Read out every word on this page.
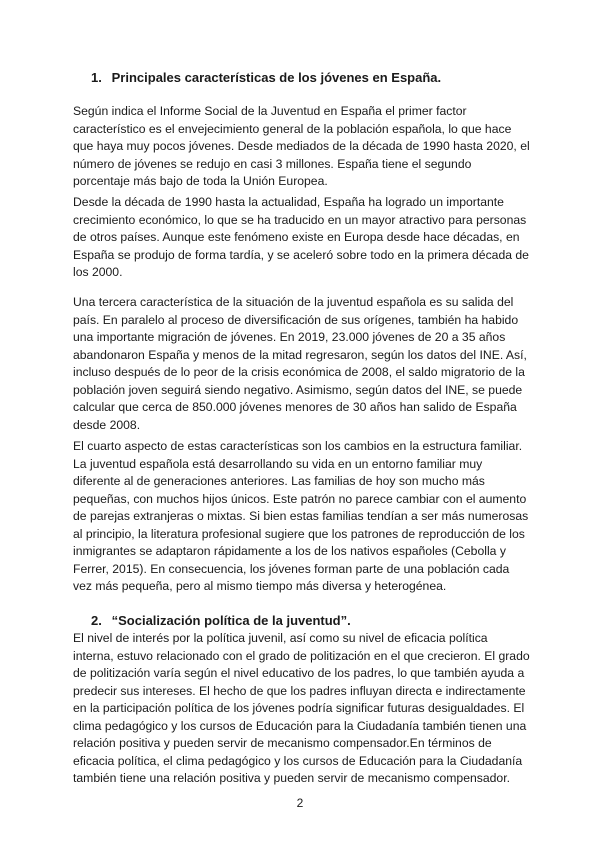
1. Principales características de los jóvenes en España.
Según indica el Informe Social de la Juventud en España el primer factor
característico es el envejecimiento general de la población española, lo que hace
que haya muy pocos jóvenes. Desde mediados de la década de 1990 hasta 2020, el
número de jóvenes se redujo en casi 3 millones. España tiene el segundo
porcentaje más bajo de toda la Unión Europea.
Desde la década de 1990 hasta la actualidad, España ha logrado un importante
crecimiento económico, lo que se ha traducido en un mayor atractivo para personas
de otros países. Aunque este fenómeno existe en Europa desde hace décadas, en
España se produjo de forma tardía, y se aceleró sobre todo en la primera década de
los 2000.
Una tercera característica de la situación de la juventud española es su salida del
país. En paralelo al proceso de diversificación de sus orígenes, también ha habido
una importante migración de jóvenes. En 2019, 23.000 jóvenes de 20 a 35 años
abandonaron España y menos de la mitad regresaron, según los datos del INE. Así,
incluso después de lo peor de la crisis económica de 2008, el saldo migratorio de la
población joven seguirá siendo negativo. Asimismo, según datos del INE, se puede
calcular que cerca de 850.000 jóvenes menores de 30 años han salido de España
desde 2008.
El cuarto aspecto de estas características son los cambios en la estructura familiar.
La juventud española está desarrollando su vida en un entorno familiar muy
diferente al de generaciones anteriores. Las familias de hoy son mucho más
pequeñas, con muchos hijos únicos. Este patrón no parece cambiar con el aumento
de parejas extranjeras o mixtas. Si bien estas familias tendían a ser más numerosas
al principio, la literatura profesional sugiere que los patrones de reproducción de los
inmigrantes se adaptaron rápidamente a los de los nativos españoles (Cebolla y
Ferrer, 2015). En consecuencia, los jóvenes forman parte de una población cada
vez más pequeña, pero al mismo tiempo más diversa y heterogénea.
2. “Socialización política de la juventud”.
El nivel de interés por la política juvenil, así como su nivel de eficacia política
interna, estuvo relacionado con el grado de politización en el que crecieron. El grado
de politización varía según el nivel educativo de los padres, lo que también ayuda a
predecir sus intereses. El hecho de que los padres influyan directa e indirectamente
en la participación política de los jóvenes podría significar futuras desigualdades. El
clima pedagógico y los cursos de Educación para la Ciudadanía también tienen una
relación positiva y pueden servir de mecanismo compensador.En términos de
eficacia política, el clima pedagógico y los cursos de Educación para la Ciudadanía
también tiene una relación positiva y pueden servir de mecanismo compensador.
2
